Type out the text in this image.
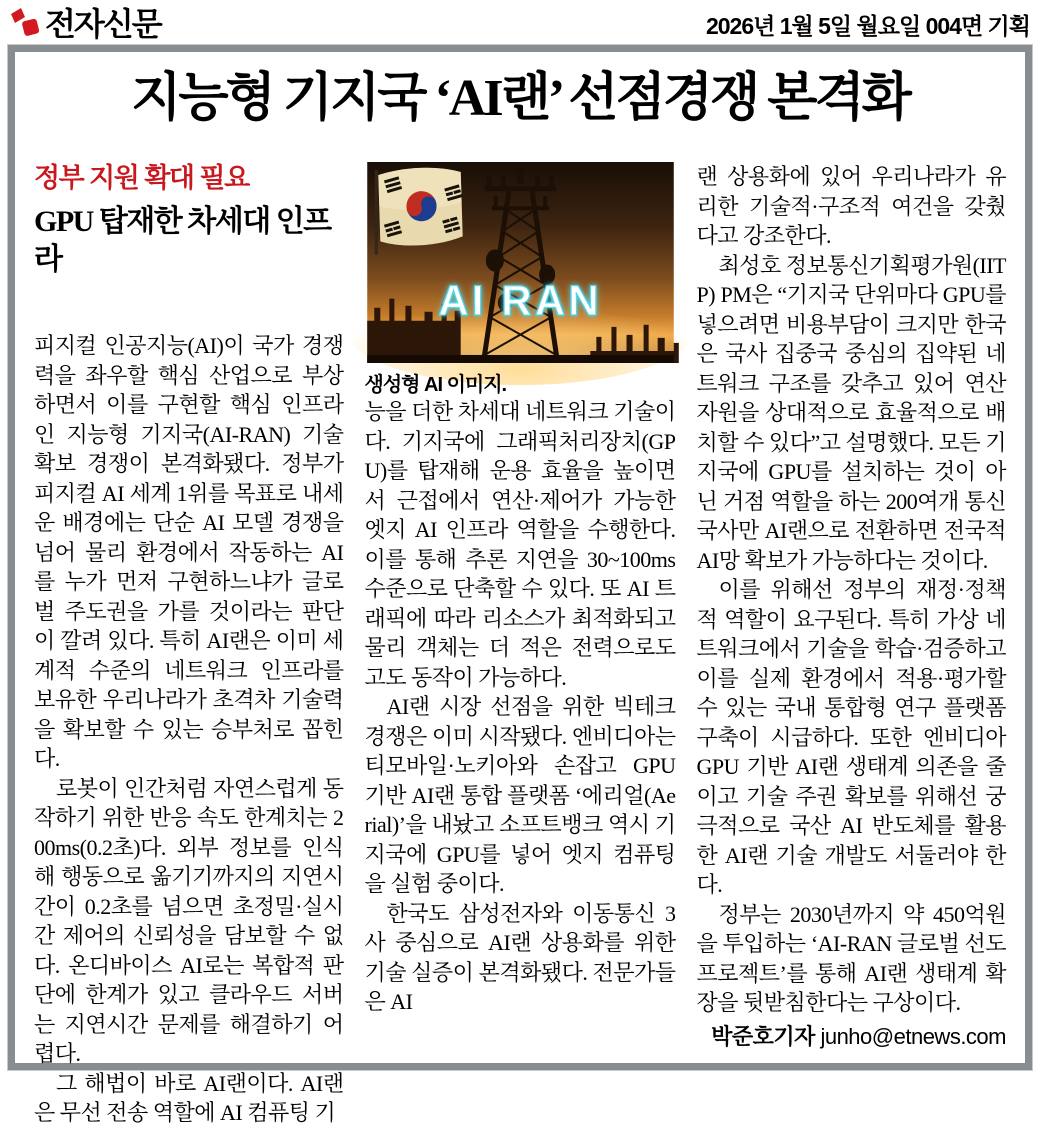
전자신문	2026년 1월 5일 월요일 004면 기획
지능형 기지국 ‘AI랜’ 선점경쟁 본격화
정부 지원 확대 필요
GPU 탑재한 차세대 인프라

피지컬 인공지능(AI)이 국가 경쟁력을 좌우할 핵심 산업으로 부상하면서 이를 구현할 핵심 인프라인 지능형 기지국(AI-RAN) 기술 확보 경쟁이 본격화됐다. 정부가 피지컬 AI 세계 1위를 목표로 내세운 배경에는 단순 AI 모델 경쟁을 넘어 물리 환경에서 작동하는 AI를 누가 먼저 구현하느냐가 글로벌 주도권을 가를 것이라는 판단이 깔려 있다. 특히 AI랜은 이미 세계적 수준의 네트워크 인프라를 보유한 우리나라가 초격차 기술력을 확보할 수 있는 승부처로 꼽힌다.

로봇이 인간처럼 자연스럽게 동작하기 위한 반응 속도 한계치는 200ms(0.2초)다. 외부 정보를 인식해 행동으로 옮기기까지의 지연시간이 0.2초를 넘으면 초정밀·실시간 제어의 신뢰성을 담보할 수 없다. 온디바이스 AI로는 복합적 판단에 한계가 있고 클라우드 서버는 지연시간 문제를 해결하기 어렵다.

그 해법이 바로 AI랜이다. AI랜은 무선 전송 역할에 AI 컴퓨팅 기

AI RAN
생성형 AI 이미지.

능을 더한 차세대 네트워크 기술이다. 기지국에 그래픽처리장치(GPU)를 탑재해 운용 효율을 높이면서 근접에서 연산·제어가 가능한 엣지 AI 인프라 역할을 수행한다. 이를 통해 추론 지연을 30~100ms 수준으로 단축할 수 있다. 또 AI 트래픽에 따라 리소스가 최적화되고 물리 객체는 더 적은 전력으로도 고도 동작이 가능하다.

AI랜 시장 선점을 위한 빅테크 경쟁은 이미 시작됐다. 엔비디아는 티모바일·노키아와 손잡고 GPU 기반 AI랜 통합 플랫폼 ‘에리얼(Aerial)’을 내놨고 소프트뱅크 역시 기지국에 GPU를 넣어 엣지 컴퓨팅을 실험 중이다.

한국도 삼성전자와 이동통신 3사 중심으로 AI랜 상용화를 위한 기술 실증이 본격화됐다. 전문가들은 AI

랜 상용화에 있어 우리나라가 유리한 기술적·구조적 여건을 갖췄다고 강조한다.

최성호 정보통신기획평가원(IITP) PM은 “기지국 단위마다 GPU를 넣으려면 비용부담이 크지만 한국은 국사 집중국 중심의 집약된 네트워크 구조를 갖추고 있어 연산 자원을 상대적으로 효율적으로 배치할 수 있다”고 설명했다. 모든 기지국에 GPU를 설치하는 것이 아닌 거점 역할을 하는 200여개 통신국사만 AI랜으로 전환하면 전국적 AI망 확보가 가능하다는 것이다.

이를 위해선 정부의 재정·정책적 역할이 요구된다. 특히 가상 네트워크에서 기술을 학습·검증하고 이를 실제 환경에서 적용·평가할 수 있는 국내 통합형 연구 플랫폼 구축이 시급하다. 또한 엔비디아 GPU 기반 AI랜 생태계 의존을 줄이고 기술 주권 확보를 위해선 궁극적으로 국산 AI 반도체를 활용한 AI랜 기술 개발도 서둘러야 한다.

정부는 2030년까지 약 450억원을 투입하는 ‘AI-RAN 글로벌 선도 프로젝트’를 통해 AI랜 생태계 확장을 뒷받침한다는 구상이다.

박준호기자 junho@etnews.com
